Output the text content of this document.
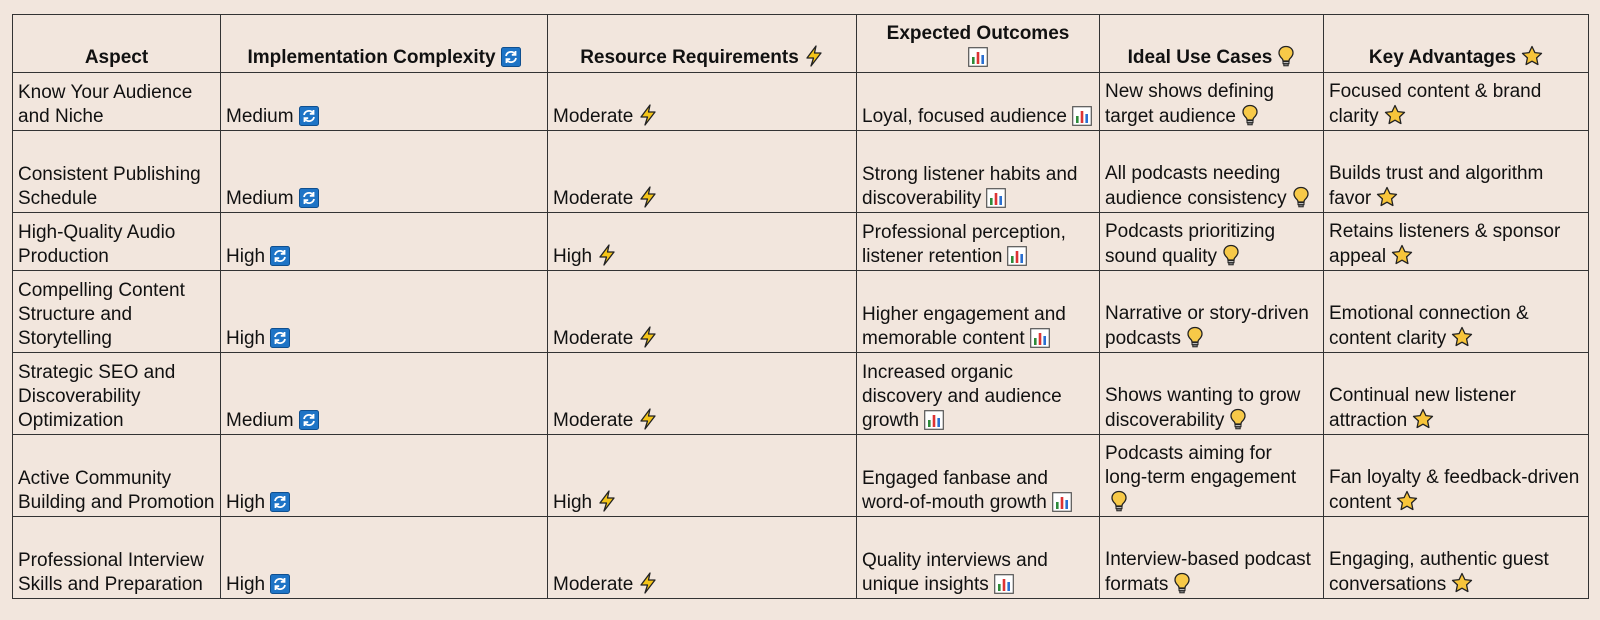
Aspect	Implementation Complexity	Resource Requirements	Expected Outcomes	Ideal Use Cases	Key Advantages

Know Your Audience and Niche	Medium	Moderate	Loyal, focused audience	New shows defining target audience	Focused content & brand clarity

Consistent Publishing Schedule	Medium	Moderate	Strong listener habits and discoverability	All podcasts needing audience consistency	Builds trust and algorithm favor

High-Quality Audio Production	High	High	Professional perception, listener retention	Podcasts prioritizing sound quality	Retains listeners & sponsor appeal

Compelling Content Structure and Storytelling	High	Moderate	Higher engagement and memorable content	Narrative or story-driven podcasts	Emotional connection & content clarity

Strategic SEO and Discoverability Optimization	Medium	Moderate	Increased organic discovery and audience growth	Shows wanting to grow discoverability	Continual new listener attraction

Active Community Building and Promotion	High	High	Engaged fanbase and word-of-mouth growth	Podcasts aiming for long-term engagement	Fan loyalty & feedback-driven content

Professional Interview Skills and Preparation	High	Moderate	Quality interviews and unique insights	Interview-based podcast formats	Engaging, authentic guest conversations
